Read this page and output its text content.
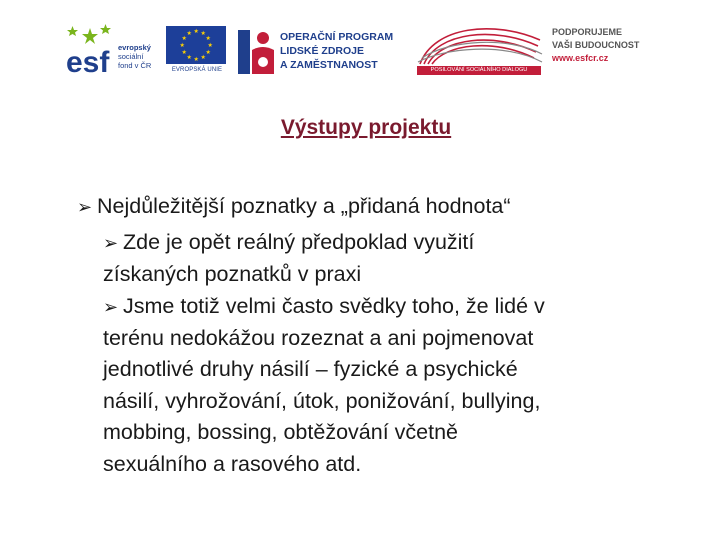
esf evropský
sociální
fond v ČR
★ ★
★
★
★
★
★
★
★
★
★
★
EVROPSKÁ UNIE
OPERAČNÍ PROGRAM
LIDSKÉ ZDROJE
A ZAMĚSTNANOST	POSILOVÁNÍ SOCIÁLNÍHO DIALOGU
PODPORUJEME
VAŠI BUDOUCNOST
www.esfcr.cz
Výstupy projektu
➢ Nejdůležitější poznatky a „přidaná hodnota“
➢ Zde je opět reálný předpoklad využití
získaných poznatků v praxi
➢ Jsme totiž velmi často svědky toho, že lidé v
terénu nedokážou rozeznat a ani pojmenovat
jednotlivé druhy násilí – fyzické a psychické
násilí, vyhrožování, útok, ponižování, bullying,
mobbing, bossing, obtěžování včetně
sexuálního a rasového atd.
